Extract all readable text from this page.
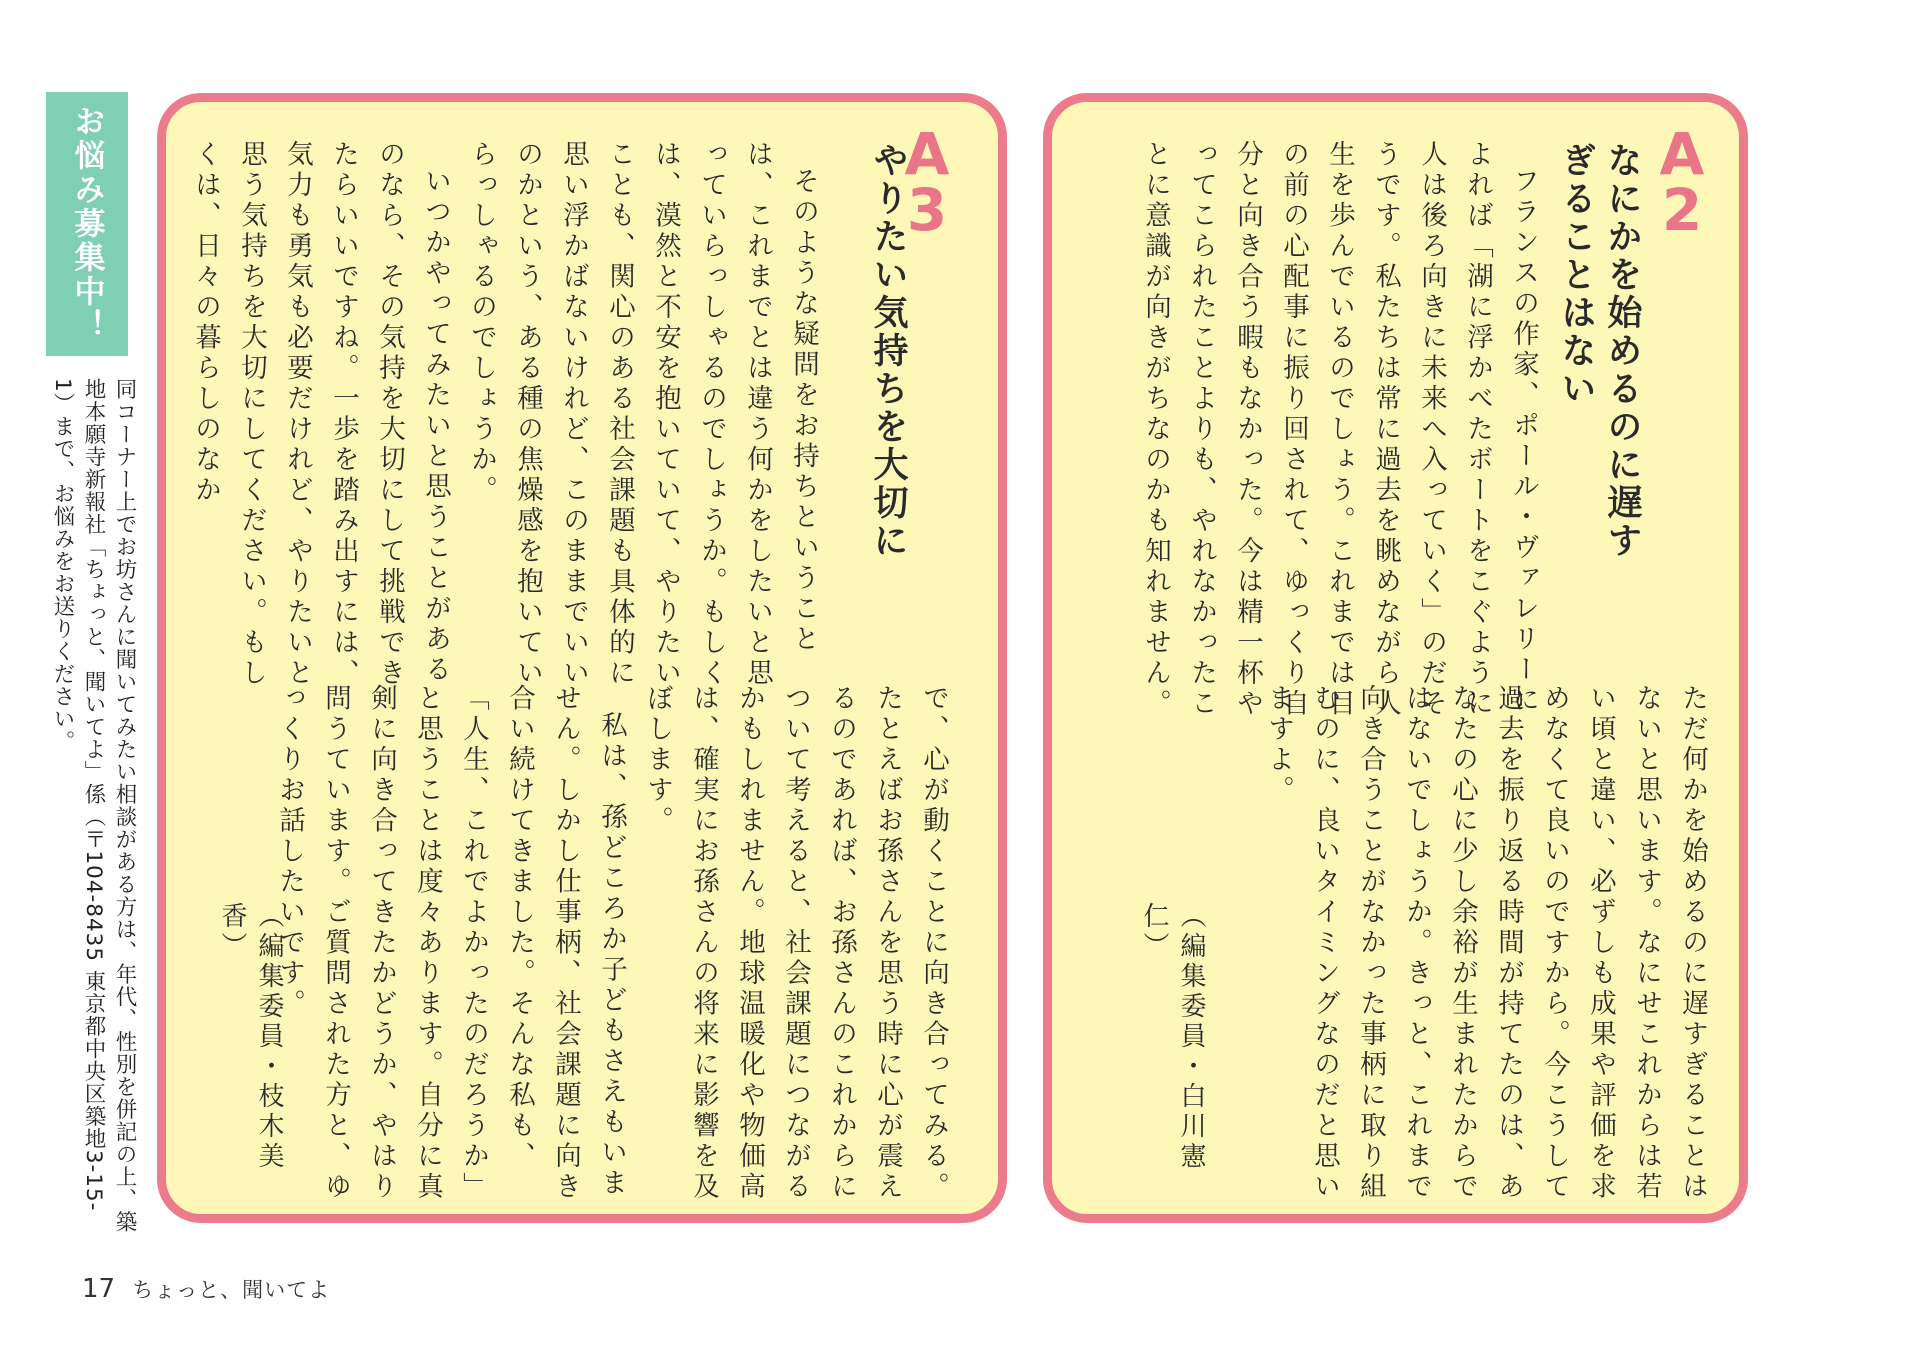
お悩み募集中！
同コーナー上でお坊さんに聞いてみたい相談がある方は、年代、性別を併記の上、築地本願寺新報社「ちょっと、聞いてよ」係（〒104-8435 東京都中央区築地3-15-1）まで、お悩みをお送りください。
A
3
やりたい気持ちを大切に

そのような疑問をお持ちということは、これまでとは違う何かをしたいと思っていらっしゃるのでしょうか。もしくは、漠然と不安を抱いていて、やりたいことも、関心のある社会課題も具体的に思い浮かばないけれど、このままでいいのかという、ある種の焦燥感を抱いていらっしゃるのでしょうか。

いつかやってみたいと思うことがあるのなら、その気持を大切にして挑戦できたらいいですね。一歩を踏み出すには、気力も勇気も必要だけれど、やりたいと思う気持ちを大切にしてください。もしくは、日々の暮らしのなか

で、心が動くことに向き合ってみる。たとえばお孫さんを思う時に心が震えるのであれば、お孫さんのこれからについて考えると、社会課題につながるかもしれません。地球温暖化や物価高は、確実にお孫さんの将来に影響を及ぼします。

私は、孫どころか子どもさえもいません。しかし仕事柄、社会課題に向き合い続けてきました。そんな私も、「人生、これでよかったのだろうか」と思うことは度々あります。自分に真剣に向き合ってきたかどうか、やはり問うています。ご質問された方と、ゆっくりお話したいです。

（編集委員・枝木美香）
A
2
なにかを始めるのに遅すぎることはない

フランスの作家、ポール・ヴァレリーによれば「湖に浮かべたボートをこぐように人は後ろ向きに未来へ入っていく」のだそうです。私たちは常に過去を眺めながら人生を歩んでいるのでしょう。これまでは目の前の心配事に振り回されて、ゆっくり自分と向き合う暇もなかった。今は精一杯やってこられたことよりも、やれなかったことに意識が向きがちなのかも知れません。

ただ何かを始めるのに遅すぎることはないと思います。なにせこれからは若い頃と違い、必ずしも成果や評価を求めなくて良いのですから。今こうして過去を振り返る時間が持てたのは、あなたの心に少し余裕が生まれたからではないでしょうか。きっと、これまで向き合うことがなかった事柄に取り組むのに、良いタイミングなのだと思いますよ。

（編集委員・白川憲仁）
17 ちょっと、聞いてよ
